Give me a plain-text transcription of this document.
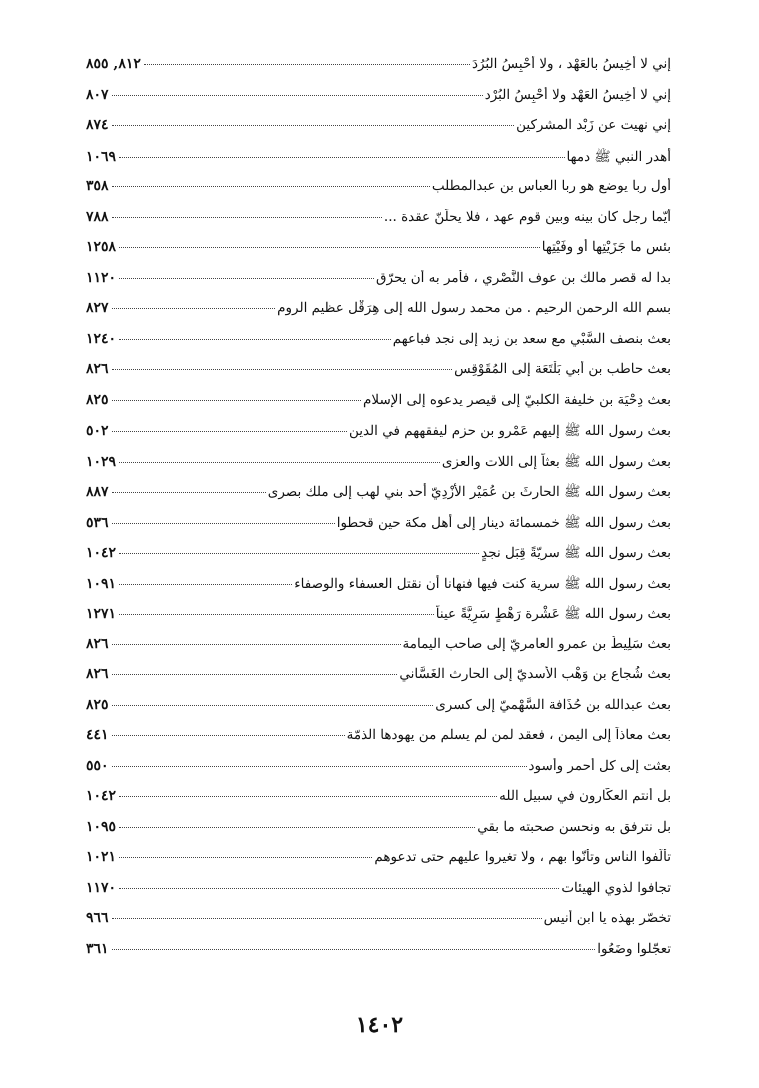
٨١٢, ٨٥٥	إني لا أخِيسُ بالعَهْد ، ولا أحْبِسُ البُرُدَ
٨٠٧	إني لا أخِيسُ العَهْد ولا أحْبِسُ البُرْد
٨٧٤	إني نهيت عن زَبْد المشركين
١٠٦٩	أهدر النبي ﷺ دمها
٣٥٨	أول ربا يوضع هو ربا العباس بن عبدالمطلب
٧٨٨	أيّما رجل كان بينه وبين قوم عهد ، فلا يحلّنّ عقدة ...
١٢٥٨	بئس ما جَزَيْتِها أو وفَيْتِها
١١٢٠	بدا له قصر مالك بن عوف النَّصْري ، فأمر به أن يحرّق
٨٢٧	بسم الله الرحمن الرحيم . من محمد رسول الله إلى هِرَقْل عظيم الروم
١٢٤٠	بعث بنصف السَّبْي مع سعد بن زيد إلى نجد فباعهم
٨٢٦	بعث حاطب بن أبي بَلْتَعَة إلى المُقَوْقِس
٨٢٥	بعث دِحْيَة بن خليفة الكلبيّ إلى قيصر يدعوه إلى الإسلام
٥٠٢	بعث رسول الله ﷺ إليهم عَمْرو بن حزم ليفقههم في الدين
١٠٢٩	بعث رسول الله ﷺ بعثاً إلى اللات والعزى
٨٨٧	بعث رسول الله ﷺ الحارثَ بن عُمَيْر الأزْدِيّ أحد بني لهب إلى ملك بصرى
٥٣٦	بعث رسول الله ﷺ خمسمائة دينار إلى أهل مكة حين قحطوا
١٠٤٢	بعث رسول الله ﷺ سريّةً قِبَل نجدٍ
١٠٩١	بعث رسول الله ﷺ سرية كنت فيها فنهانا أن نقتل العسفاء والوصفاء
١٢٧١	بعث رسول الله ﷺ عَشْرة رَهْطٍ سَرِيَّةً عيناً
٨٢٦	بعث سَلِيطُ بن عمرو العامريّ إلى صاحب اليمامة
٨٢٦	بعث شُجاع بن وَهْب الأسديّ إلى الحارث الغَسَّاني
٨٢٥	بعث عبدالله بن حُذَافة السَّهْميّ إلى كسرى
٤٤١	بعث معاذاً إلى اليمن ، فعقد لمن لم يسلم من يهودها الذمّة
٥٥٠	بعثت إلى كل أحمر وأسود
١٠٤٢	بل أنتم العكّارون في سبيل الله
١٠٩٥	بل نترفق به ونحسن صحبته ما بقي
١٠٢١	تألّفوا الناس وتأنّوا بهم ، ولا تغيروا عليهم حتى تدعوهم
١١٧٠	تجافوا لذوي الهيئات
٩٦٦	تخصّر بهذه يا ابن أُنيس
٣٦١	تعجّلوا وضَعُوا
١٤٠٢
